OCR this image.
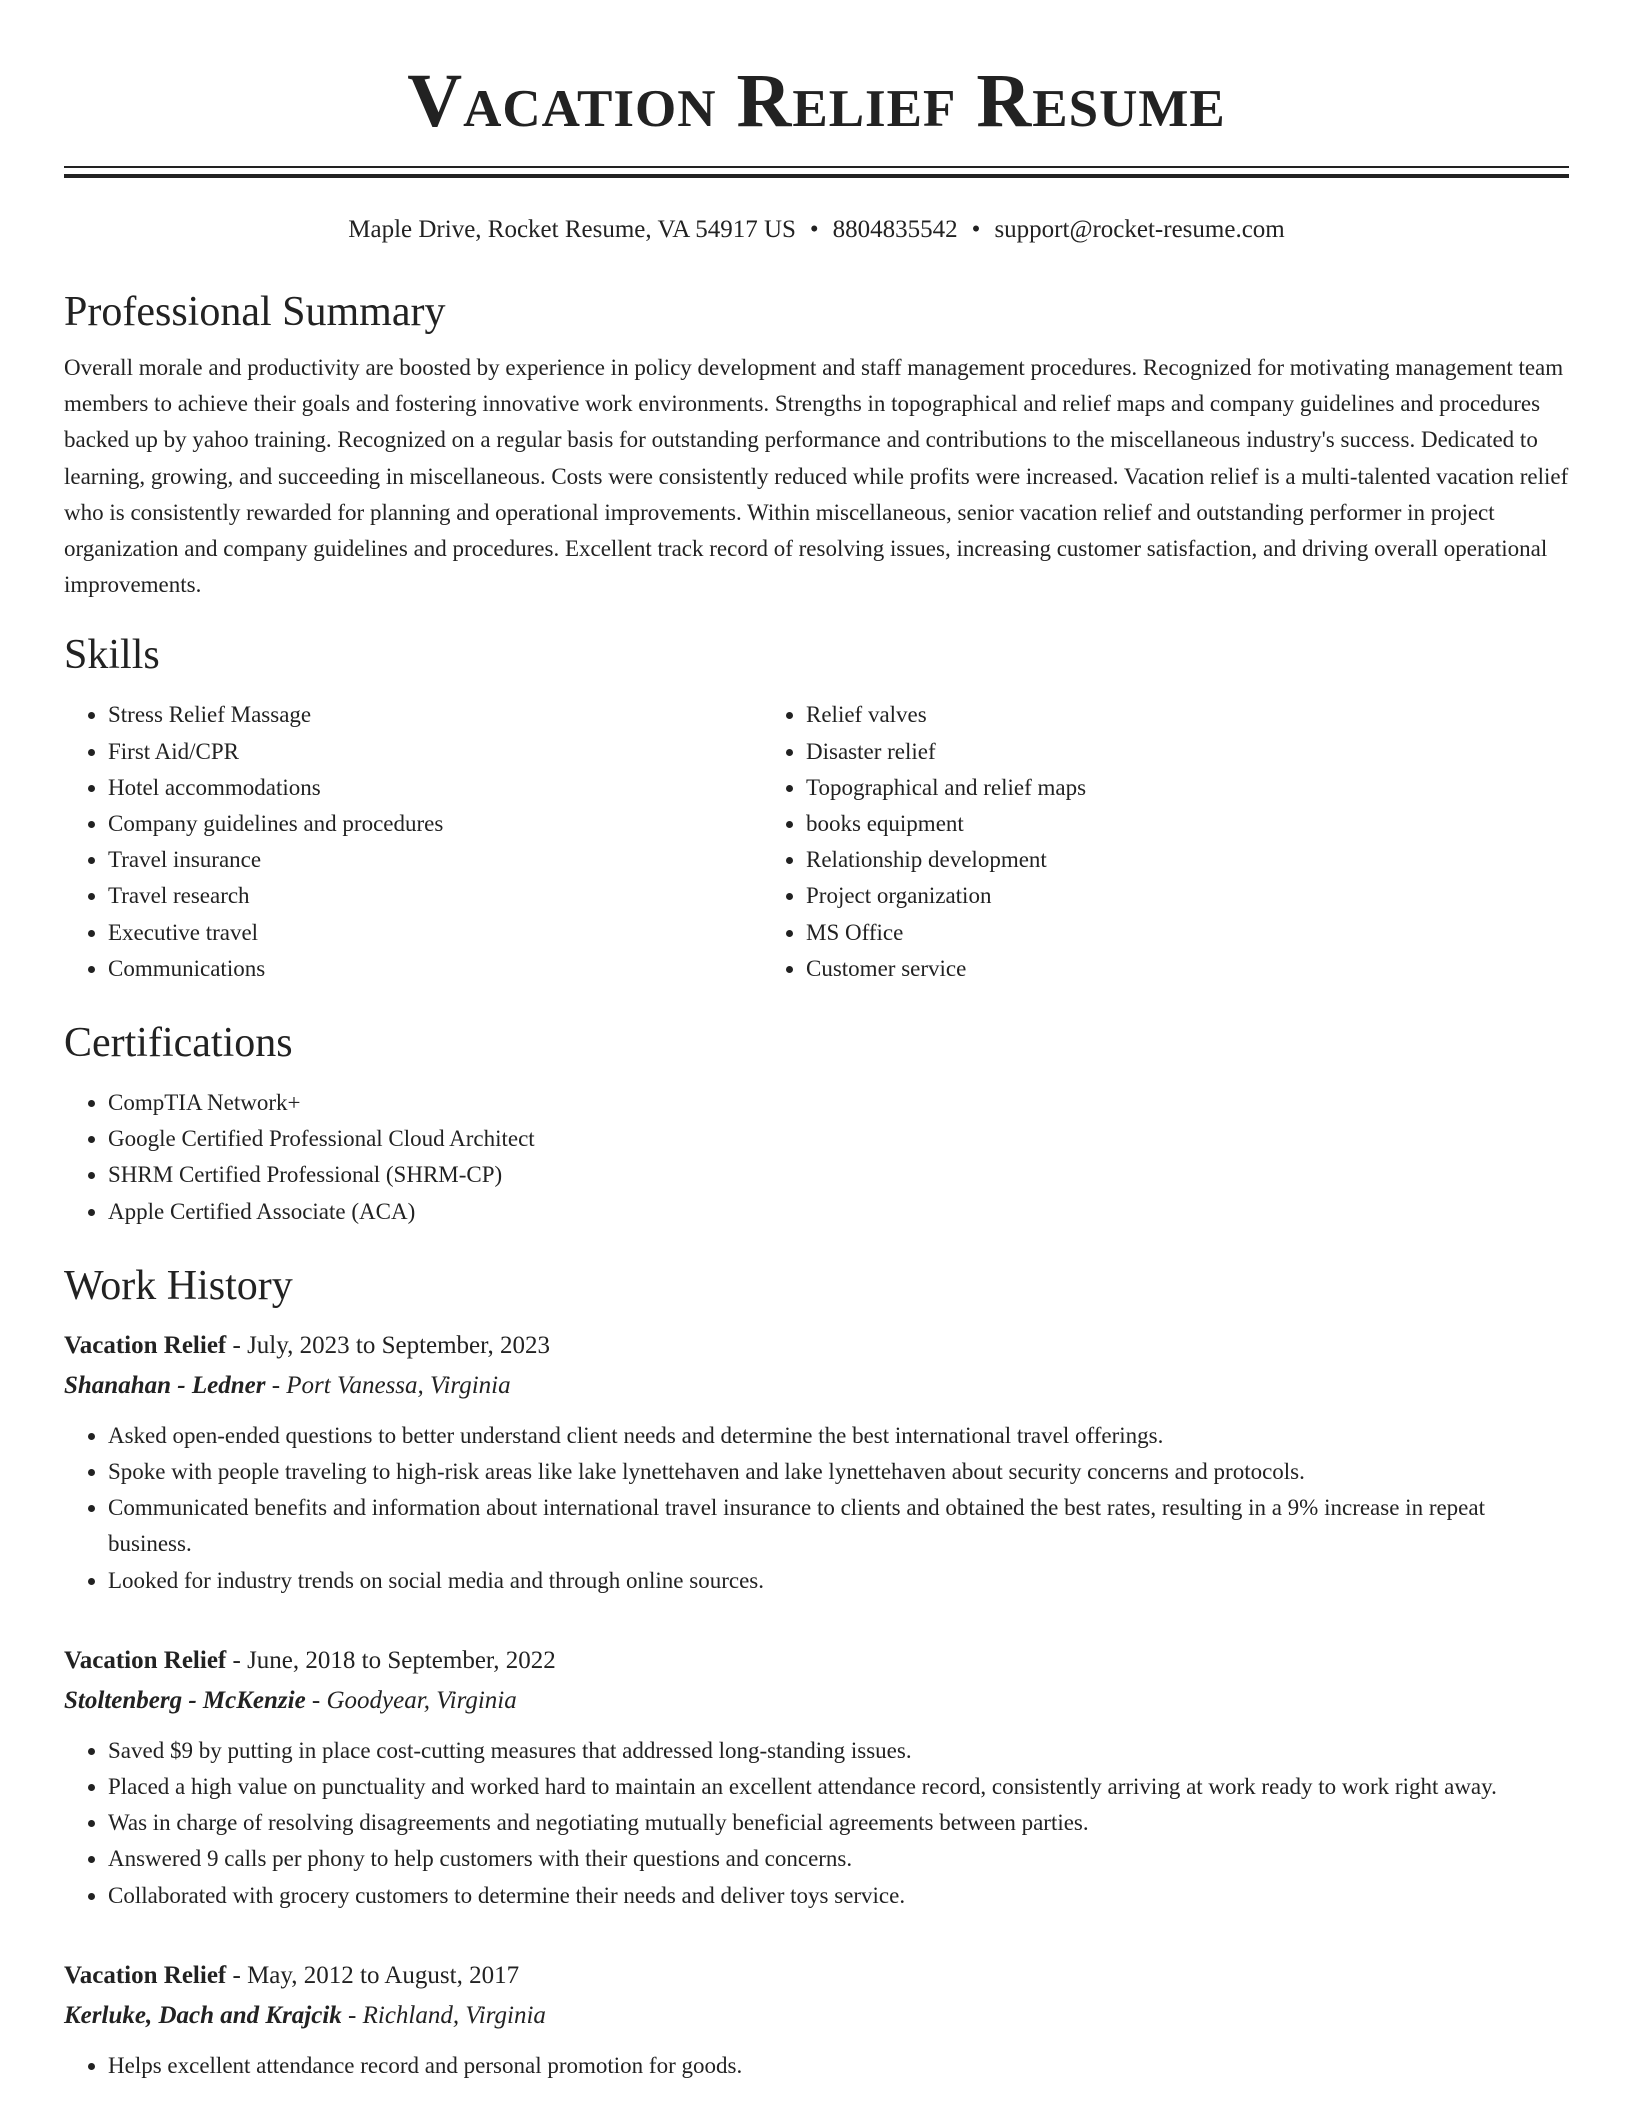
Vacation Relief Resume
Maple Drive, Rocket Resume, VA 54917 US • 8804835542 • support@rocket-resume.com
Professional Summary

Overall morale and productivity are boosted by experience in policy development and staff management procedures. Recognized for motivating management team members to achieve their goals and fostering innovative work environments. Strengths in topographical and relief maps and company guidelines and procedures backed up by yahoo training. Recognized on a regular basis for outstanding performance and contributions to the miscellaneous industry's success. Dedicated to learning, growing, and succeeding in miscellaneous. Costs were consistently reduced while profits were increased. Vacation relief is a multi-talented vacation relief who is consistently rewarded for planning and operational improvements. Within miscellaneous, senior vacation relief and outstanding performer in project organization and company guidelines and procedures. Excellent track record of resolving issues, increasing customer satisfaction, and driving overall operational improvements.

Skills
• Stress Relief Massage
• First Aid/CPR
• Hotel accommodations
• Company guidelines and procedures
• Travel insurance
• Travel research
• Executive travel
• Communications
• Relief valves
• Disaster relief
• Topographical and relief maps
• books equipment
• Relationship development
• Project organization
• MS Office
• Customer service
Certifications
• CompTIA Network+
• Google Certified Professional Cloud Architect
• SHRM Certified Professional (SHRM-CP)
• Apple Certified Associate (ACA)
Work History
Vacation Relief - July, 2023 to September, 2023
Shanahan - Ledner - Port Vanessa, Virginia
• Asked open-ended questions to better understand client needs and determine the best international travel offerings.
• Spoke with people traveling to high-risk areas like lake lynettehaven and lake lynettehaven about security concerns and protocols.
• Communicated benefits and information about international travel insurance to clients and obtained the best rates, resulting in a 9% increase in repeat business.
• Looked for industry trends on social media and through online sources.
Vacation Relief - June, 2018 to September, 2022
Stoltenberg - McKenzie - Goodyear, Virginia
• Saved $9 by putting in place cost-cutting measures that addressed long-standing issues.
• Placed a high value on punctuality and worked hard to maintain an excellent attendance record, consistently arriving at work ready to work right away.
• Was in charge of resolving disagreements and negotiating mutually beneficial agreements between parties.
• Answered 9 calls per phony to help customers with their questions and concerns.
• Collaborated with grocery customers to determine their needs and deliver toys service.
Vacation Relief - May, 2012 to August, 2017
Kerluke, Dach and Krajcik - Richland, Virginia
• Helps excellent attendance record and personal promotion for goods.
